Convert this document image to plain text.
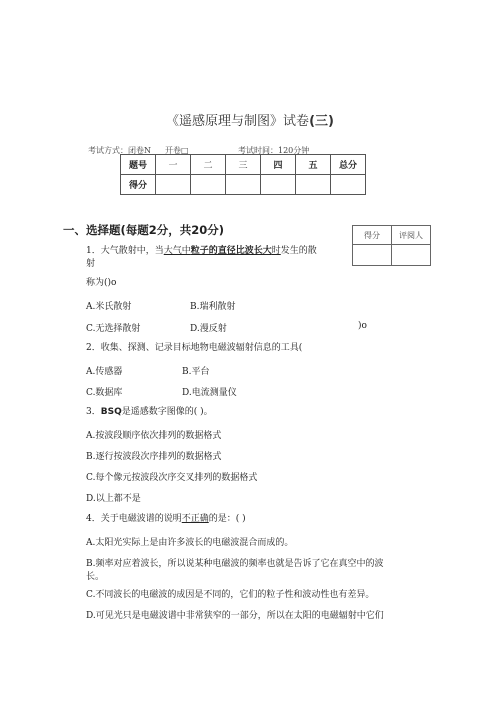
《遥感原理与制图》试卷(三)
考试方式：闭卷N 开卷□	考试时间：120分钟
题号	一	二	三	四	五	总分
得分						
一、选择题(每题2分，共20分)	得分	评阅人

1．大气散射中，当大气中粒子的直径比波长大时发生的散
射
称为()o
A.米氏散射	B.瑞利散射
C.无选择散射	D.漫反射	)o
2．收集、探测、记录目标地物电磁波辐射信息的工具(
A.传感器	B.平台
C.数据库	D.电流测量仪
3．BSQ是遥感数字图像的( )。
A.按波段顺序依次排列的数据格式
B.逐行按波段次序排列的数据格式
C.每个像元按波段次序交叉排列的数据格式
D.以上都不是
4．关于电磁波谱的说明不正确的是：( )
A.太阳光实际上是由许多波长的电磁波混合而成的。
B.频率对应着波长，所以说某种电磁波的频率也就是告诉了它在真空中的波
长。
C.不同波长的电磁波的成因是不同的，它们的粒子性和波动性也有差异。
D.可见光只是电磁波谱中非常狭窄的一部分，所以在太阳的电磁辐射中它们
